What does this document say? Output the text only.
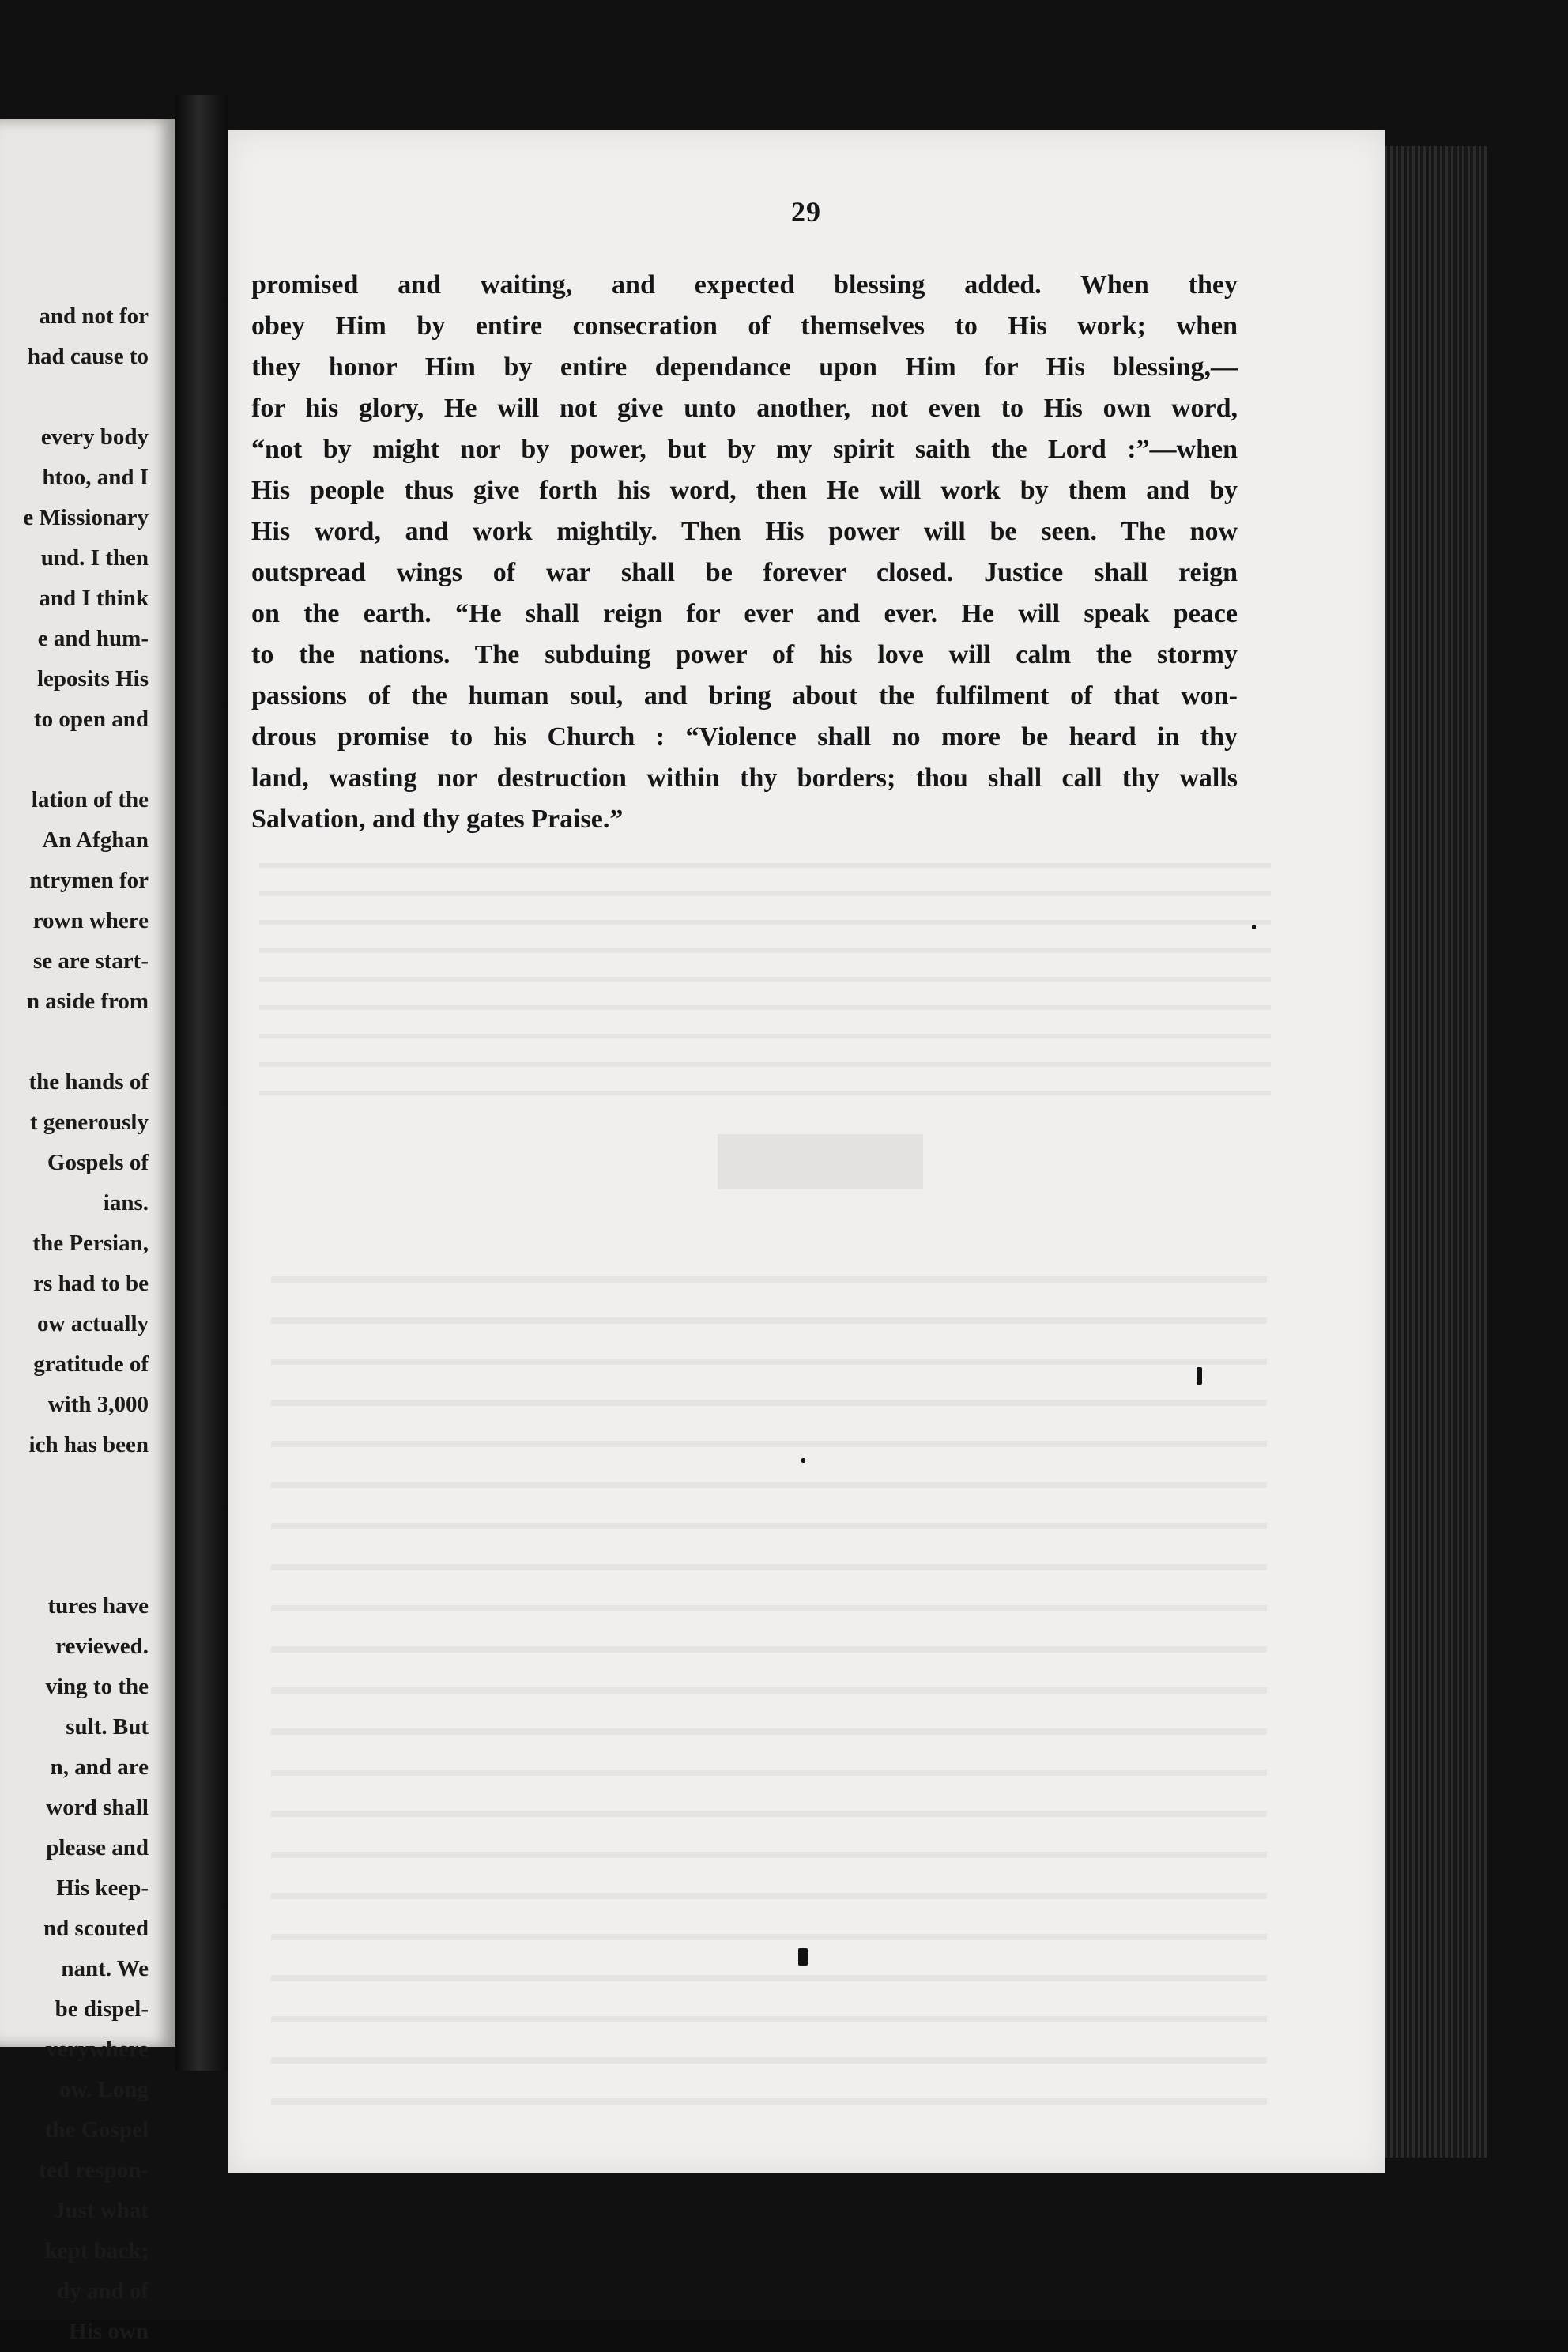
and not for
had cause to
every body
htoo, and I
e Missionary
und. I then
and I think
e and hum-
leposits His
to open and
lation of the
An Afghan
ntrymen for
rown where
se are start-
n aside from
the hands of
t generously
Gospels of
ians.
the Persian,
rs had to be
ow actually
gratitude of
with 3,000
ich has been
tures have
reviewed.
ving to the
sult. But
n, and are
word shall
please and
His keep-
nd scouted
nant. We
be dispel-
verywhere
ow. Long
the Gospel
ted respon-
Just what
kept back;
dy and of
His own
29
promised and waiting, and expected blessing added. When they
obey Him by entire consecration of themselves to His work; when
they honor Him by entire dependance upon Him for His blessing,—
for his glory, He will not give unto another, not even to His own word,
“not by might nor by power, but by my spirit saith the Lord :”—when
His people thus give forth his word, then He will work by them and by
His word, and work mightily. Then His power will be seen. The now
outspread wings of war shall be forever closed. Justice shall reign
on the earth. “He shall reign for ever and ever. He will speak peace
to the nations. The subduing power of his love will calm the stormy
passions of the human soul, and bring about the fulfilment of that won-
drous promise to his Church : “Violence shall no more be heard in thy
land, wasting nor destruction within thy borders; thou shall call thy walls
Salvation, and thy gates Praise.”
